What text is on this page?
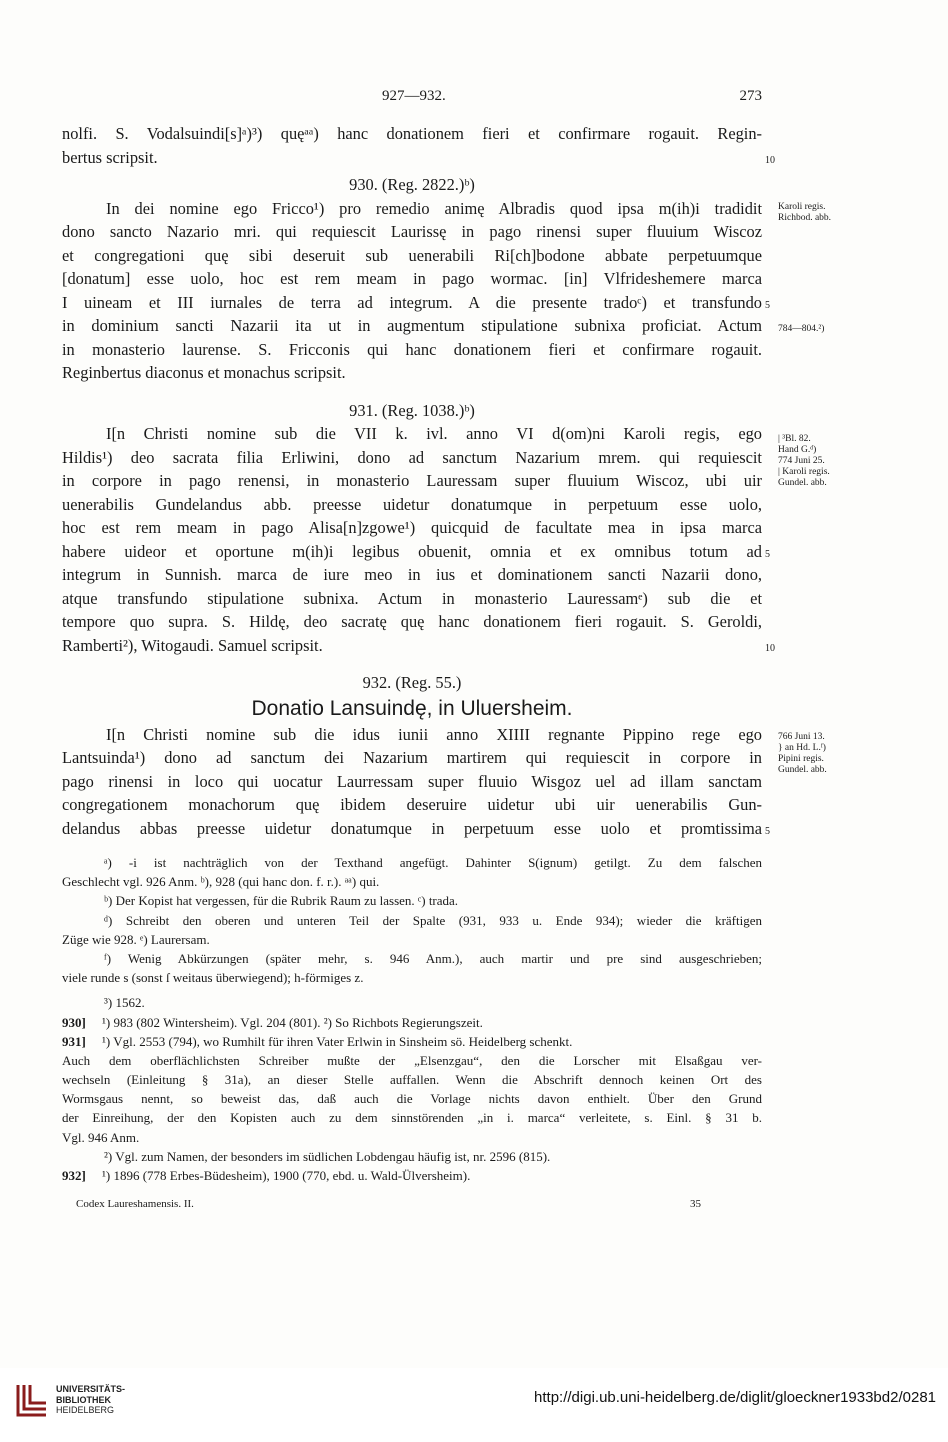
927—932.	273
nolfi. S. Vodalsuindi[s]ᵃ)³) quęᵃᵃ) hanc donationem fieri et confirmare rogauit. Regin-
bertus scripsit.	10
930. (Reg. 2822.)ᵇ)
In dei nomine ego Fricco¹) pro remedio animę Albradis quod ipsa m(ih)i tradidit
dono sancto Nazario mri. qui requiescit Laurissę in pago rinensi super fluuium Wiscoz
et congregationi quę sibi deseruit sub uenerabili Ri[ch]bodone abbate perpetuumque
[donatum] esse uolo, hoc est rem meam in pago wormac. [in] Vlfrideshemere marca
I uineam et III iurnales de terra ad integrum. A die presente tradoᶜ) et transfundo 5
in dominium sancti Nazarii ita ut in augmentum stipulatione subnixa proficiat. Actum
in monasterio laurense. S. Fricconis qui hanc donationem fieri et confirmare rogauit.
Reginbertus diaconus et monachus scripsit.
931. (Reg. 1038.)ᵇ)
I[n Christi nomine sub die VII k. ivl. anno VI d(om)ni Karoli regis, ego
Hildis¹) deo sacrata filia Erliwini, dono ad sanctum Nazarium mrem. qui requiescit
in corpore in pago renensi, in monasterio Lauressam super fluuium Wiscoz, ubi uir
uenerabilis Gundelandus abb. preesse uidetur donatumque in perpetuum esse uolo,
hoc est rem meam in pago Alisa[n]zgowe¹) quicquid de facultate mea in ipsa marca
habere uideor et oportune m(ih)i legibus obuenit, omnia et ex omnibus totum ad 5
integrum in Sunnish. marca de iure meo in ius et dominationem sancti Nazarii dono,
atque transfundo stipulatione subnixa. Actum in monasterio Lauressamᵉ) sub die et
tempore quo supra. S. Hildę, deo sacratę quę hanc donationem fieri rogauit. S. Geroldi,
Ramberti²), Witogaudi. Samuel scripsit.	10
932. (Reg. 55.)
Donatio Lansuindę, in Uluersheim.
I[n Christi nomine sub die idus iunii anno XIIII regnante Pippino rege ego
Lantsuinda¹) dono ad sanctum dei Nazarium martirem qui requiescit in corpore in
pago rinensi in loco qui uocatur Laurressam super fluuio Wisgoz uel ad illam sanctam
congregationem monachorum quę ibidem deseruire uidetur ubi uir uenerabilis Gun-
delandus abbas preesse uidetur donatumque in perpetuum esse uolo et promtissima 5
Karoli regis.
Richbod. abb.
784—804.²)
| ³Bl. 82.
Hand G.ᵈ)
774 Juni 25.
| Karoli regis.
Gundel. abb.
766 Juni 13.
} an Hd. L.ᶠ)
Pipini regis.
Gundel. abb.
ᵃ) -i ist nachträglich von der Texthand angefügt. Dahinter S(ignum) getilgt. Zu dem falschen
Geschlecht vgl. 926 Anm. ᵇ), 928 (qui hanc don. f. r.). ᵃᵃ) qui.
ᵇ) Der Kopist hat vergessen, für die Rubrik Raum zu lassen. ᶜ) trada.
ᵈ) Schreibt den oberen und unteren Teil der Spalte (931, 933 u. Ende 934); wieder die kräftigen
Züge wie 928. ᵉ) Laurersam.
ᶠ) Wenig Abkürzungen (später mehr, s. 946 Anm.), auch martir und pre sind ausgeschrieben;
viele runde s (sonst ſ weitaus überwiegend); h-förmiges z.
³) 1562.
930] ¹) 983 (802 Wintersheim). Vgl. 204 (801). ²) So Richbots Regierungszeit.
931] ¹) Vgl. 2553 (794), wo Rumhilt für ihren Vater Erlwin in Sinsheim sö. Heidelberg schenkt.
Auch dem oberflächlichsten Schreiber mußte der „Elsenzgau“, den die Lorscher mit Elsaßgau ver-
wechseln (Einleitung § 31a), an dieser Stelle auffallen. Wenn die Abschrift dennoch keinen Ort des
Wormsgaus nennt, so beweist das, daß auch die Vorlage nichts davon enthielt. Über den Grund
der Einreihung, der den Kopisten auch zu dem sinnstörenden „in i. marca“ verleitete, s. Einl. § 31 b.
Vgl. 946 Anm.
²) Vgl. zum Namen, der besonders im südlichen Lobdengau häufig ist, nr. 2596 (815).
932] ¹) 1896 (778 Erbes-Büdesheim), 1900 (770, ebd. u. Wald-Ülversheim).
Codex Laureshamensis. II.	35
UNIVERSITÄTS-
BIBLIOTHEK
HEIDELBERG
http://digi.ub.uni-heidelberg.de/diglit/gloeckner1933bd2/0281
